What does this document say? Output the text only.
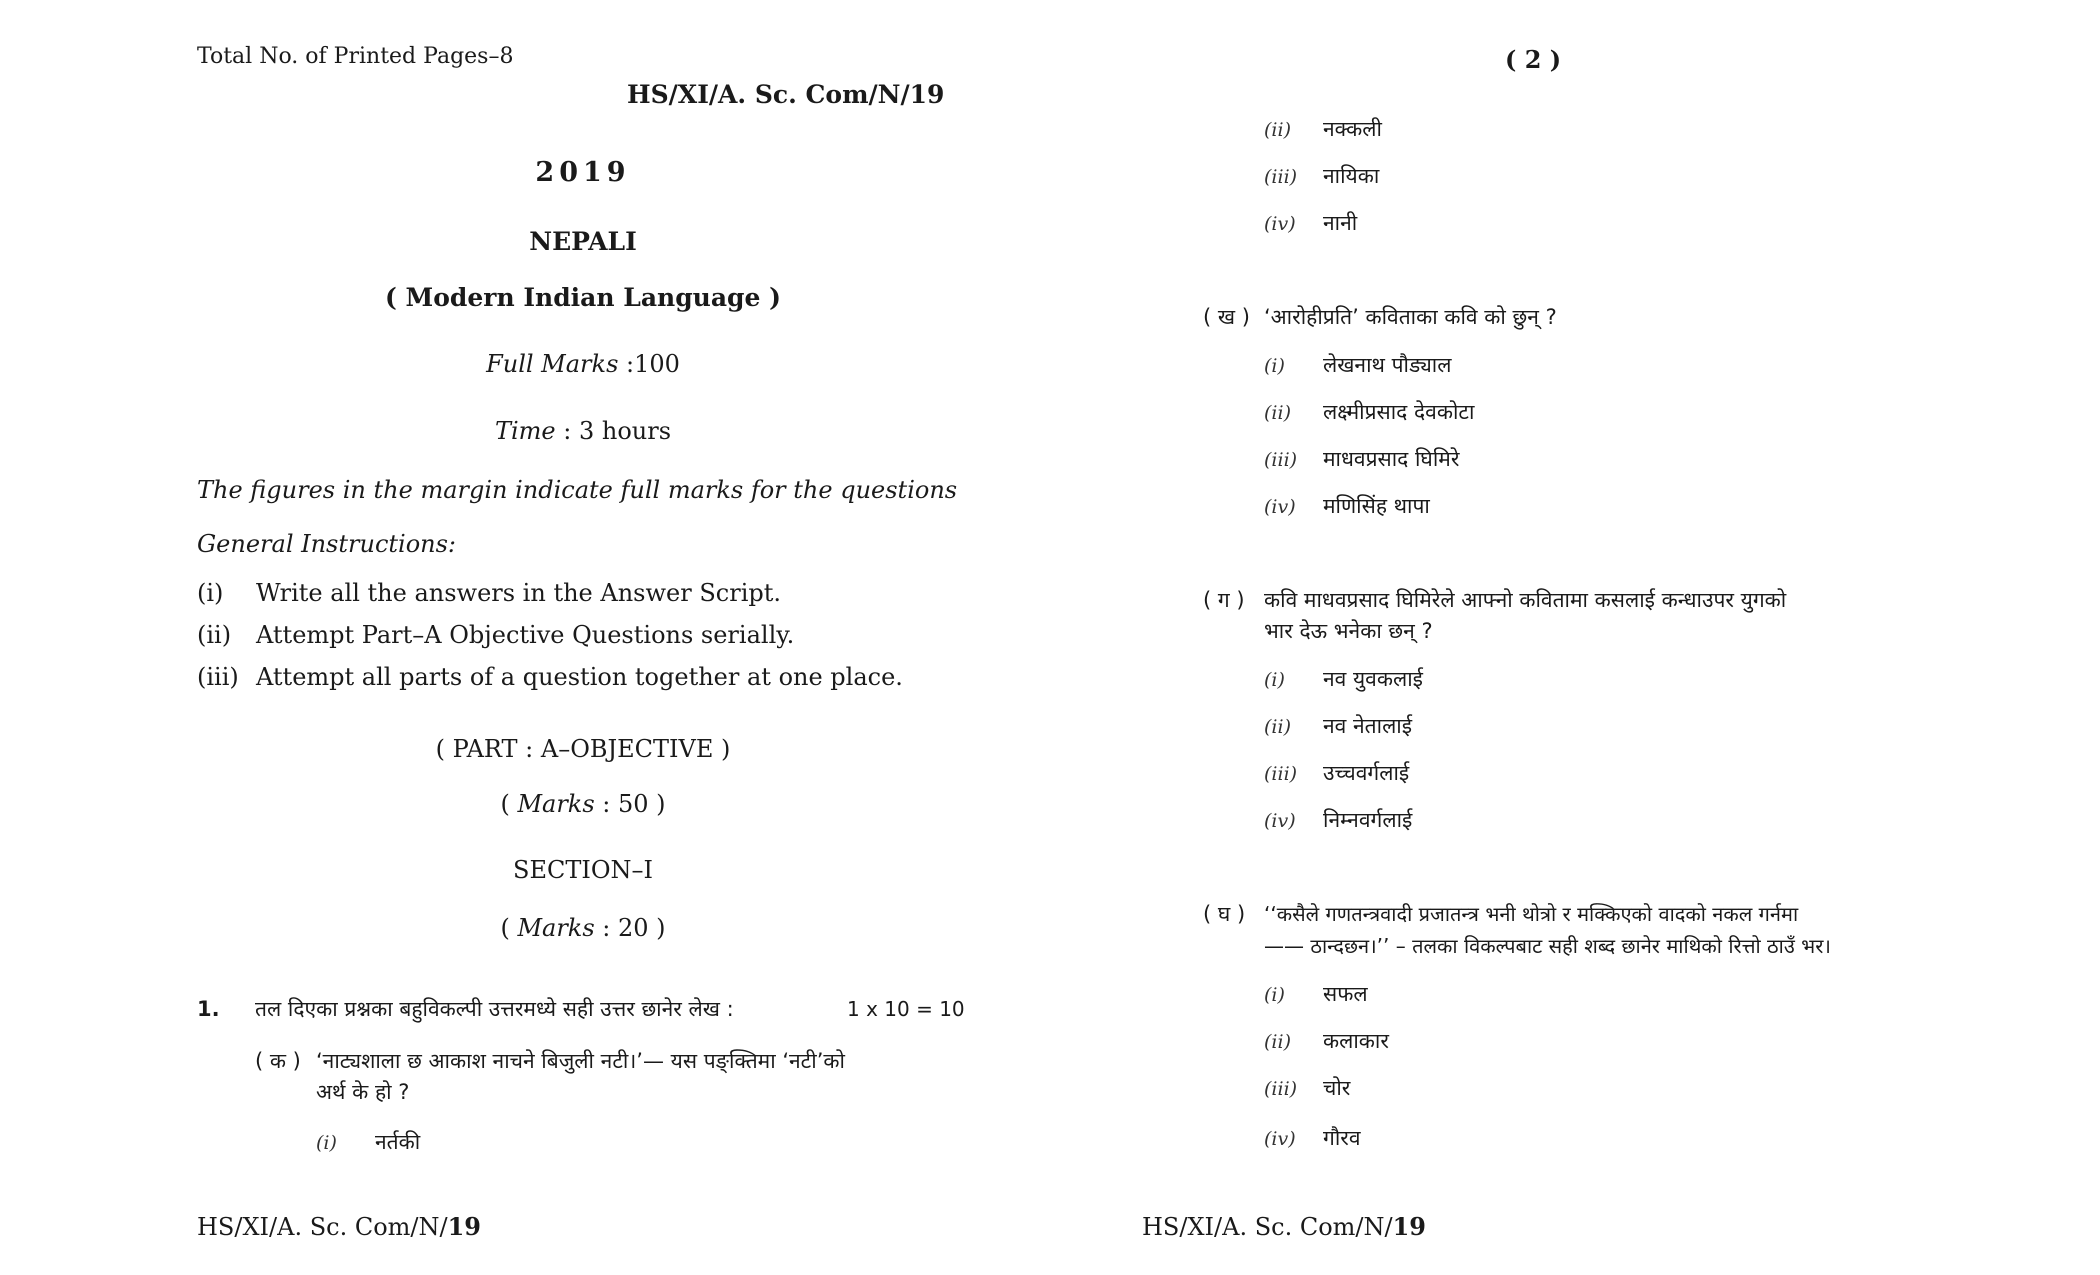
Total No. of Printed Pages–8
HS/XI/A. Sc. Com/N/19
2019
NEPALI
( Modern Indian Language )
Full Marks :100
Time : 3 hours
The figures in the margin indicate full marks for the questions
General Instructions:
(i) Write all the answers in the Answer Script.
(ii) Attempt Part–A Objective Questions serially.
(iii) Attempt all parts of a question together at one place.
( PART : A–OBJECTIVE )
( Marks : 50 )
SECTION–I
( Marks : 20 )
1. तल दिएका प्रश्नका बहुविकल्पी उत्तरमध्ये सही उत्तर छानेर लेख :	1 x 10 = 10
( क ) ‘नाट्यशाला छ आकाश नाचने बिजुली नटी।’— यस पङ्क्तिमा ‘नटी’को
अर्थ के हो ?
(i) नर्तकी
HS/XI/A. Sc. Com/N/19
( 2 )
(ii) नक्कली
(iii) नायिका
(iv) नानी
( ख ) ‘आरोहीप्रति’ कविताका कवि को छुन् ?
(i) लेखनाथ पौड्याल
(ii) लक्ष्मीप्रसाद देवकोटा
(iii) माधवप्रसाद घिमिरे
(iv) मणिसिंह थापा
( ग ) कवि माधवप्रसाद घिमिरेले आफ्नो कवितामा कसलाई कन्धाउपर युगको
भार देऊ भनेका छन् ?
(i) नव युवकलाई
(ii) नव नेतालाई
(iii) उच्चवर्गलाई
(iv) निम्नवर्गलाई
( घ ) ‘‘कसैले गणतन्त्रवादी प्रजातन्त्र भनी थोत्रो र मक्किएको वादको नकल गर्नमा
—— ठान्दछन।’’ – तलका विकल्पबाट सही शब्द छानेर माथिको रित्तो ठाउँ भर।
(i) सफल
(ii) कलाकार
(iii) चोर
(iv) गौरव
HS/XI/A. Sc. Com/N/19
